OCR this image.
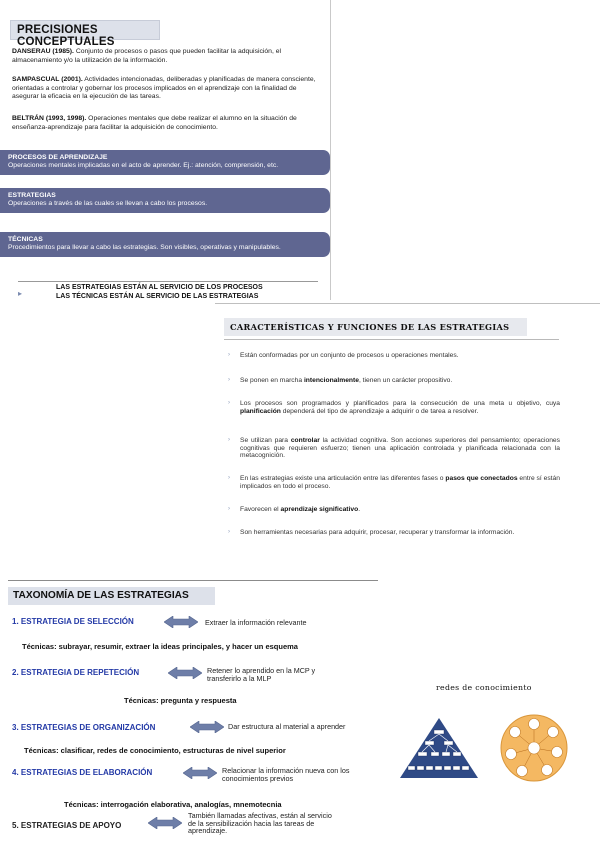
PRECISIONES CONCEPTUALES
DANSERAU (1985). Conjunto de procesos o pasos que pueden facilitar la adquisición, el almacenamiento y/o la utilización de la información.
SAMPASCUAL (2001). Actividades intencionadas, deliberadas y planificadas de manera consciente, orientadas a controlar y gobernar los procesos implicados en el aprendizaje con la finalidad de asegurar la eficacia en la ejecución de las tareas.
BELTRÁN (1993, 1998). Operaciones mentales que debe realizar el alumno en la situación de enseñanza-aprendizaje para facilitar la adquisición de conocimiento.
PROCESOS DE APRENDIZAJE
Operaciones mentales implicadas en el acto de aprender. Ej.: atención, comprensión, etc.
ESTRATEGIAS
Operaciones a través de las cuales se llevan a cabo los procesos.
TÉCNICAS
Procedimientos para llevar a cabo las estrategias. Son visibles, operativas y manipulables.
▸
LAS ESTRATEGIAS ESTÁN AL SERVICIO DE LOS PROCESOS
LAS TÉCNICAS ESTÁN AL SERVICIO DE LAS ESTRATEGIAS
CARACTERÍSTICAS Y FUNCIONES DE LAS ESTRATEGIAS
› Están conformadas por un conjunto de procesos u operaciones mentales.
› Se ponen en marcha intencionalmente, tienen un carácter propositivo.
› Los procesos son programados y planificados para la consecución de una meta u objetivo, cuya planificación dependerá del tipo de aprendizaje a adquirir o de tarea a resolver.
› Se utilizan para controlar la actividad cognitiva. Son acciones superiores del pensamiento; operaciones cognitivas que requieren esfuerzo; tienen una aplicación controlada y planificada relacionada con la metacognición.
› En las estrategias existe una articulación entre las diferentes fases o pasos que conectados entre sí están implicados en todo el proceso.
› Favorecen el aprendizaje significativo.
› Son herramientas necesarias para adquirir, procesar, recuperar y transformar la información.
TAXONOMÍA DE LAS ESTRATEGIAS
1. ESTRATEGIA DE SELECCIÓN	Extraer la información relevante
Técnicas: subrayar, resumir, extraer la ideas principales, y hacer un esquema
2. ESTRATEGIA DE REPETECIÓN	Retener lo aprendido en la MCP y
transferirlo a la MLP
Técnicas: pregunta y respuesta
3. ESTRATEGIAS DE ORGANIZACIÓN	Dar estructura al material a aprender
Técnicas: clasificar, redes de conocimiento, estructuras de nivel superior
4. ESTRATEGIAS DE ELABORACIÓN	Relacionar la información nueva con los
conocimientos previos
Técnicas: interrogación elaborativa, analogías, mnemotecnia
5. ESTRATEGIAS DE APOYO
También llamadas afectivas, están al servicio
de la sensibilización hacia las tareas de
aprendizaje.
redes de conocimiento
